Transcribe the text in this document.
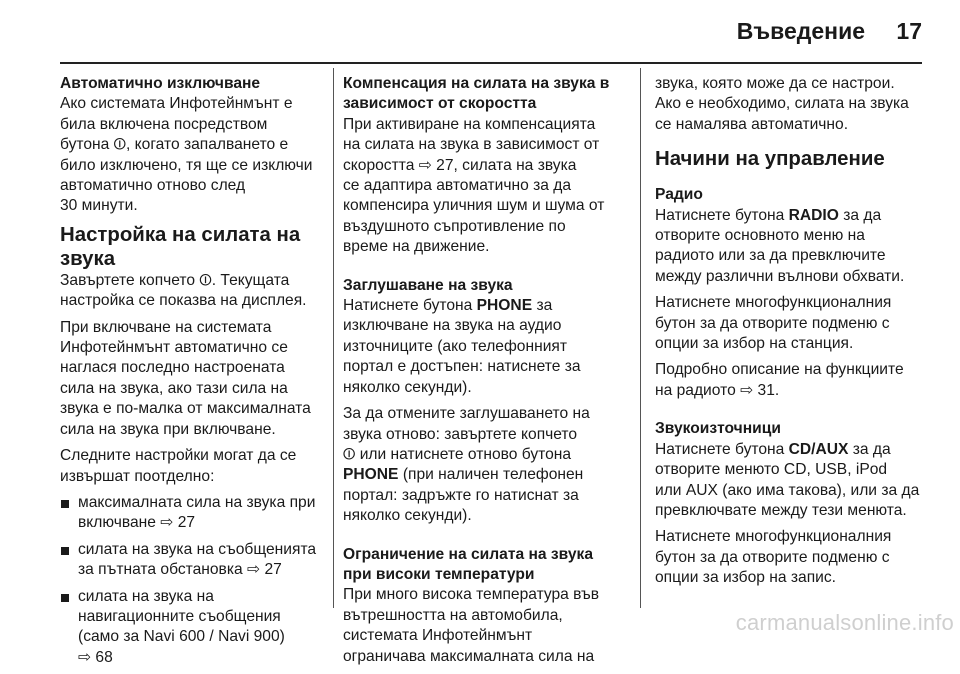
Въведение 17
Автоматично изключване

Ако системата Инфотейнмънт е
била включена посредством
бутона ⏼, когато запалването е
било изключено, тя ще се изключи
автоматично отново след
30 минути.

Настройка на силата на звука

Завъртете копчето ⏼. Текущата
настройка се показва на дисплея.

При включване на системата
Инфотейнмънт автоматично се
наглася последно настроената
сила на звука, ако тази сила на
звука е по-малка от максималната
сила на звука при включване.

Следните настройки могат да се
извършат поотделно:

максималната сила на звука при
включване ⇨ 27
силата на звука на съобщенията
за пътната обстановка ⇨ 27
силата на звука на
навигационните съобщения
(само за Navi 600 / Navi 900)
⇨ 68
Компенсация на силата на звука в
зависимост от скоростта

При активиране на компенсацията
на силата на звука в зависимост от
скоростта ⇨ 27, силата на звука
се адаптира автоматично за да
компенсира уличния шум и шума от
въздушното съпротивление по
време на движение.

Заглушаване на звука

Натиснете бутона PHONE за
изключване на звука на аудио
източниците (ако телефонният
портал е достъпен: натиснете за
няколко секунди).

За да отмените заглушаването на
звука отново: завъртете копчето
⏼ или натиснете отново бутона
PHONE (при наличен телефонен
портал: задръжте го натиснат за
няколко секунди).

Ограничение на силата на звука
при високи температури

При много висока температура във
вътрешността на автомобила,
системата Инфотейнмънт
ограничава максималната сила на

звука, която може да се настрои.
Ако е необходимо, силата на звука
се намалява автоматично.

Начини на управление
Радио

Натиснете бутона RADIO за да
отворите основното меню на
радиото или за да превключите
между различни вълнови обхвати.

Натиснете многофункционалния
бутон за да отворите подменю с
опции за избор на станция.

Подробно описание на функциите
на радиото ⇨ 31.

Звукоизточници

Натиснете бутона CD/AUX за да
отворите менюто CD, USB, iPod
или AUX (ако има такова), или за да
превключвате между тези менюта.

Натиснете многофункционалния
бутон за да отворите подменю с
опции за избор на запис.

carmanualsonline.info
